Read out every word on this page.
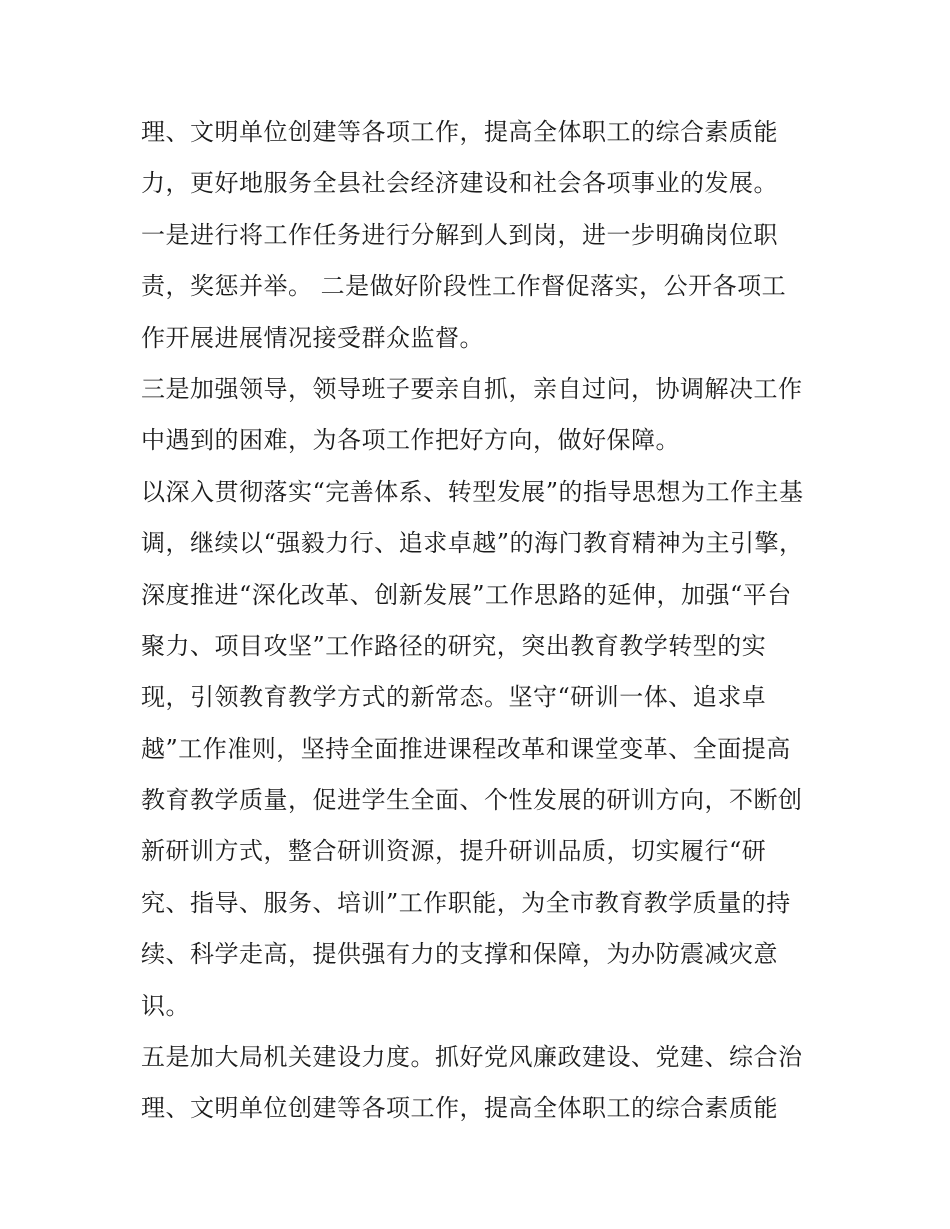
理、文明单位创建等各项工作，提高全体职工的综合素质能
力，更好地服务全县社会经济建设和社会各项事业的发展。
一是进行将工作任务进行分解到人到岗，进一步明确岗位职
责，奖惩并举。 二是做好阶段性工作督促落实，公开各项工
作开展进展情况接受群众监督。
三是加强领导，领导班子要亲自抓，亲自过问，协调解决工作
中遇到的困难，为各项工作把好方向，做好保障。
以深入贯彻落实“完善体系、转型发展”的指导思想为工作主基
调，继续以“强毅力行、追求卓越”的海门教育精神为主引擎，
深度推进“深化改革、创新发展”工作思路的延伸，加强“平台
聚力、项目攻坚”工作路径的研究，突出教育教学转型的实
现，引领教育教学方式的新常态。坚守“研训一体、追求卓
越”工作准则，坚持全面推进课程改革和课堂变革、全面提高
教育教学质量，促进学生全面、个性发展的研训方向，不断创
新研训方式，整合研训资源，提升研训品质，切实履行“研
究、指导、服务、培训”工作职能，为全市教育教学质量的持
续、科学走高，提供强有力的支撑和保障，为办防震减灾意
识。
五是加大局机关建设力度。抓好党风廉政建设、党建、综合治
理、文明单位创建等各项工作，提高全体职工的综合素质能
